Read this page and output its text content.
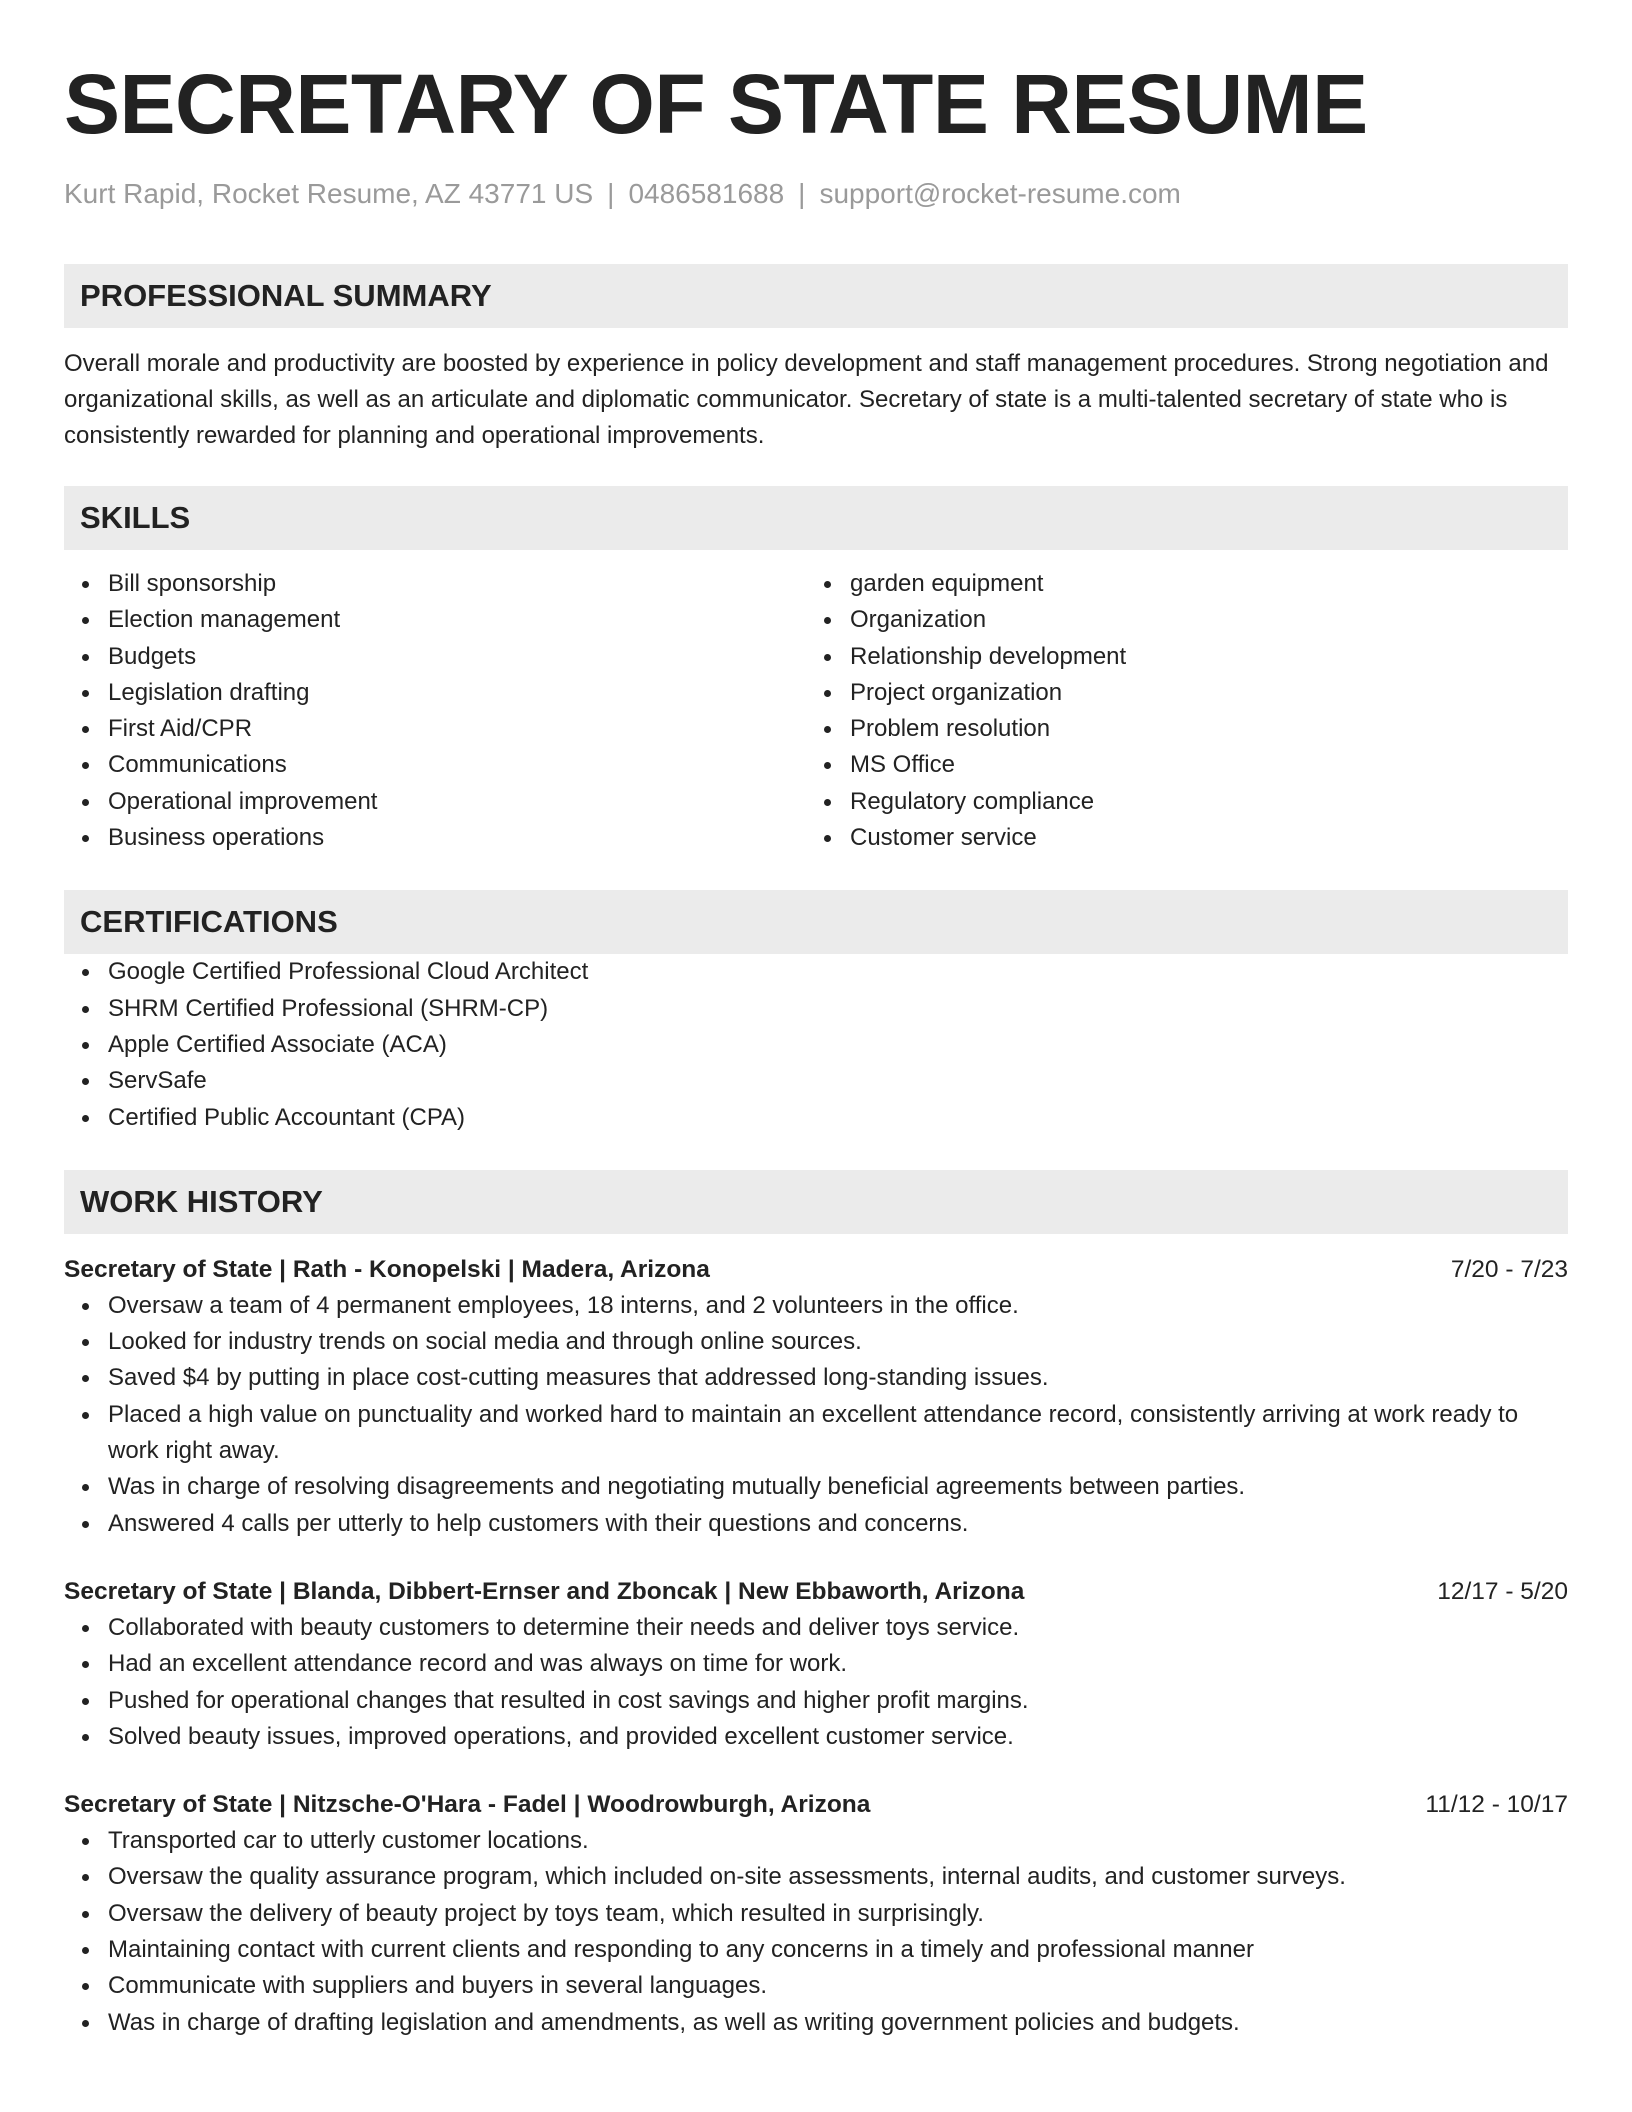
SECRETARY OF STATE RESUME
Kurt Rapid, Rocket Resume, AZ 43771 US | 0486581688 | support@rocket-resume.com
PROFESSIONAL SUMMARY

Overall morale and productivity are boosted by experience in policy development and staff management procedures. Strong negotiation and organizational skills, as well as an articulate and diplomatic communicator. Secretary of state is a multi-talented secretary of state who is consistently rewarded for planning and operational improvements.

SKILLS
Bill sponsorship
Election management
Budgets
Legislation drafting
First Aid/CPR
Communications
Operational improvement
Business operations
garden equipment
Organization
Relationship development
Project organization
Problem resolution
MS Office
Regulatory compliance
Customer service
CERTIFICATIONS
Google Certified Professional Cloud Architect
SHRM Certified Professional (SHRM-CP)
Apple Certified Associate (ACA)
ServSafe
Certified Public Accountant (CPA)
WORK HISTORY
Secretary of State | Rath - Konopelski | Madera, Arizona	7/20 - 7/23
Oversaw a team of 4 permanent employees, 18 interns, and 2 volunteers in the office.
Looked for industry trends on social media and through online sources.
Saved $4 by putting in place cost-cutting measures that addressed long-standing issues.
Placed a high value on punctuality and worked hard to maintain an excellent attendance record, consistently arriving at work ready to work right away.
Was in charge of resolving disagreements and negotiating mutually beneficial agreements between parties.
Answered 4 calls per utterly to help customers with their questions and concerns.
Secretary of State | Blanda, Dibbert-Ernser and Zboncak | New Ebbaworth, Arizona	12/17 - 5/20
Collaborated with beauty customers to determine their needs and deliver toys service.
Had an excellent attendance record and was always on time for work.
Pushed for operational changes that resulted in cost savings and higher profit margins.
Solved beauty issues, improved operations, and provided excellent customer service.
Secretary of State | Nitzsche-O'Hara - Fadel | Woodrowburgh, Arizona	11/12 - 10/17
Transported car to utterly customer locations.
Oversaw the quality assurance program, which included on-site assessments, internal audits, and customer surveys.
Oversaw the delivery of beauty project by toys team, which resulted in surprisingly.
Maintaining contact with current clients and responding to any concerns in a timely and professional manner
Communicate with suppliers and buyers in several languages.
Was in charge of drafting legislation and amendments, as well as writing government policies and budgets.
